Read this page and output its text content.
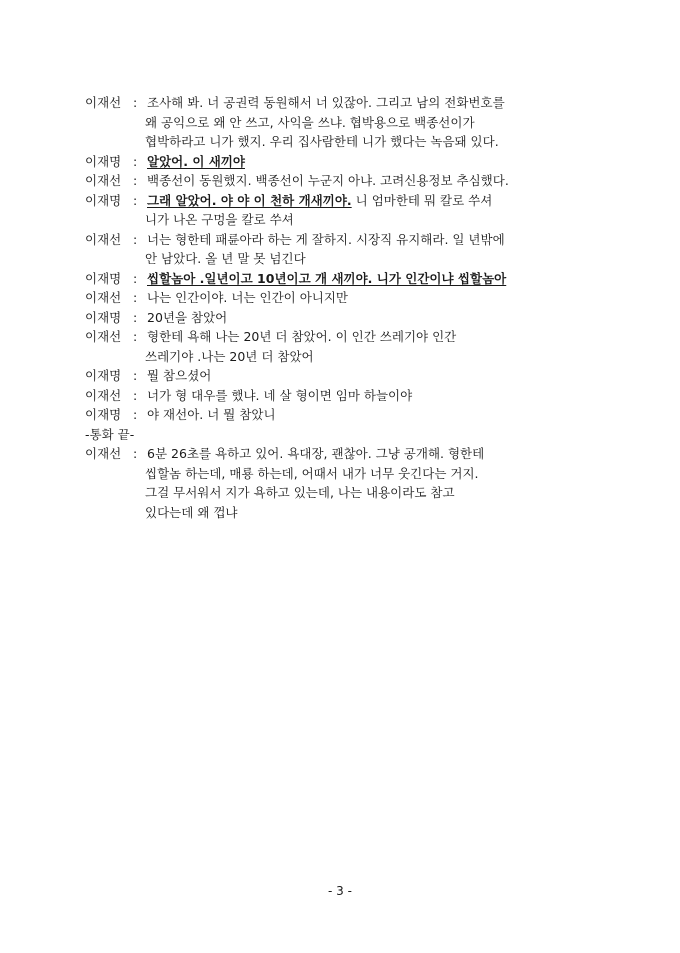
이재선 : 조사해 봐. 너 공권력 동원해서 너 있잖아. 그리고 남의 전화번호를
왜 공익으로 왜 안 쓰고, 사익을 쓰냐. 협박용으로 백종선이가
협박하라고 니가 했지. 우리 집사람한테 니가 했다는 녹음돼 있다.
이재명 : 알았어. 이 새끼야
이재선 : 백종선이 동원했지. 백종선이 누군지 아냐. 고려신용정보 추심했다.
이재명 : 그래 알았어. 야 야 이 천하 개새끼야. 니 엄마한테 뭐 칼로 쑤셔
니가 나온 구멍을 칼로 쑤셔
이재선 : 너는 형한테 패륜아라 하는 게 잘하지. 시장직 유지해라. 일 년밖에
안 남았다. 올 년 말 못 넘긴다
이재명 : 씹할놈아 .일년이고 10년이고 개 새끼야. 니가 인간이냐 씹할놈아
이재선 : 나는 인간이야. 너는 인간이 아니지만
이재명 : 20년을 참았어
이재선 : 형한테 욕해 나는 20년 더 참았어. 이 인간 쓰레기야 인간
쓰레기야 .나는 20년 더 참았어
이재명 : 뭘 참으셨어
이재선 : 너가 형 대우를 했냐. 네 살 형이면 임마 하늘이야
이재명 : 야 재선아. 너 뭘 참았니
-통화 끝-
이재선 : 6분 26초를 욕하고 있어. 욕대장, 괜찮아. 그냥 공개해. 형한테
씹할놈 하는데, 매룡 하는데, 어때서 내가 너무 웃긴다는 거지.
그걸 무서워서 지가 욕하고 있는데, 나는 내용이라도 참고
있다는데 왜 껍냐
- 3 -
